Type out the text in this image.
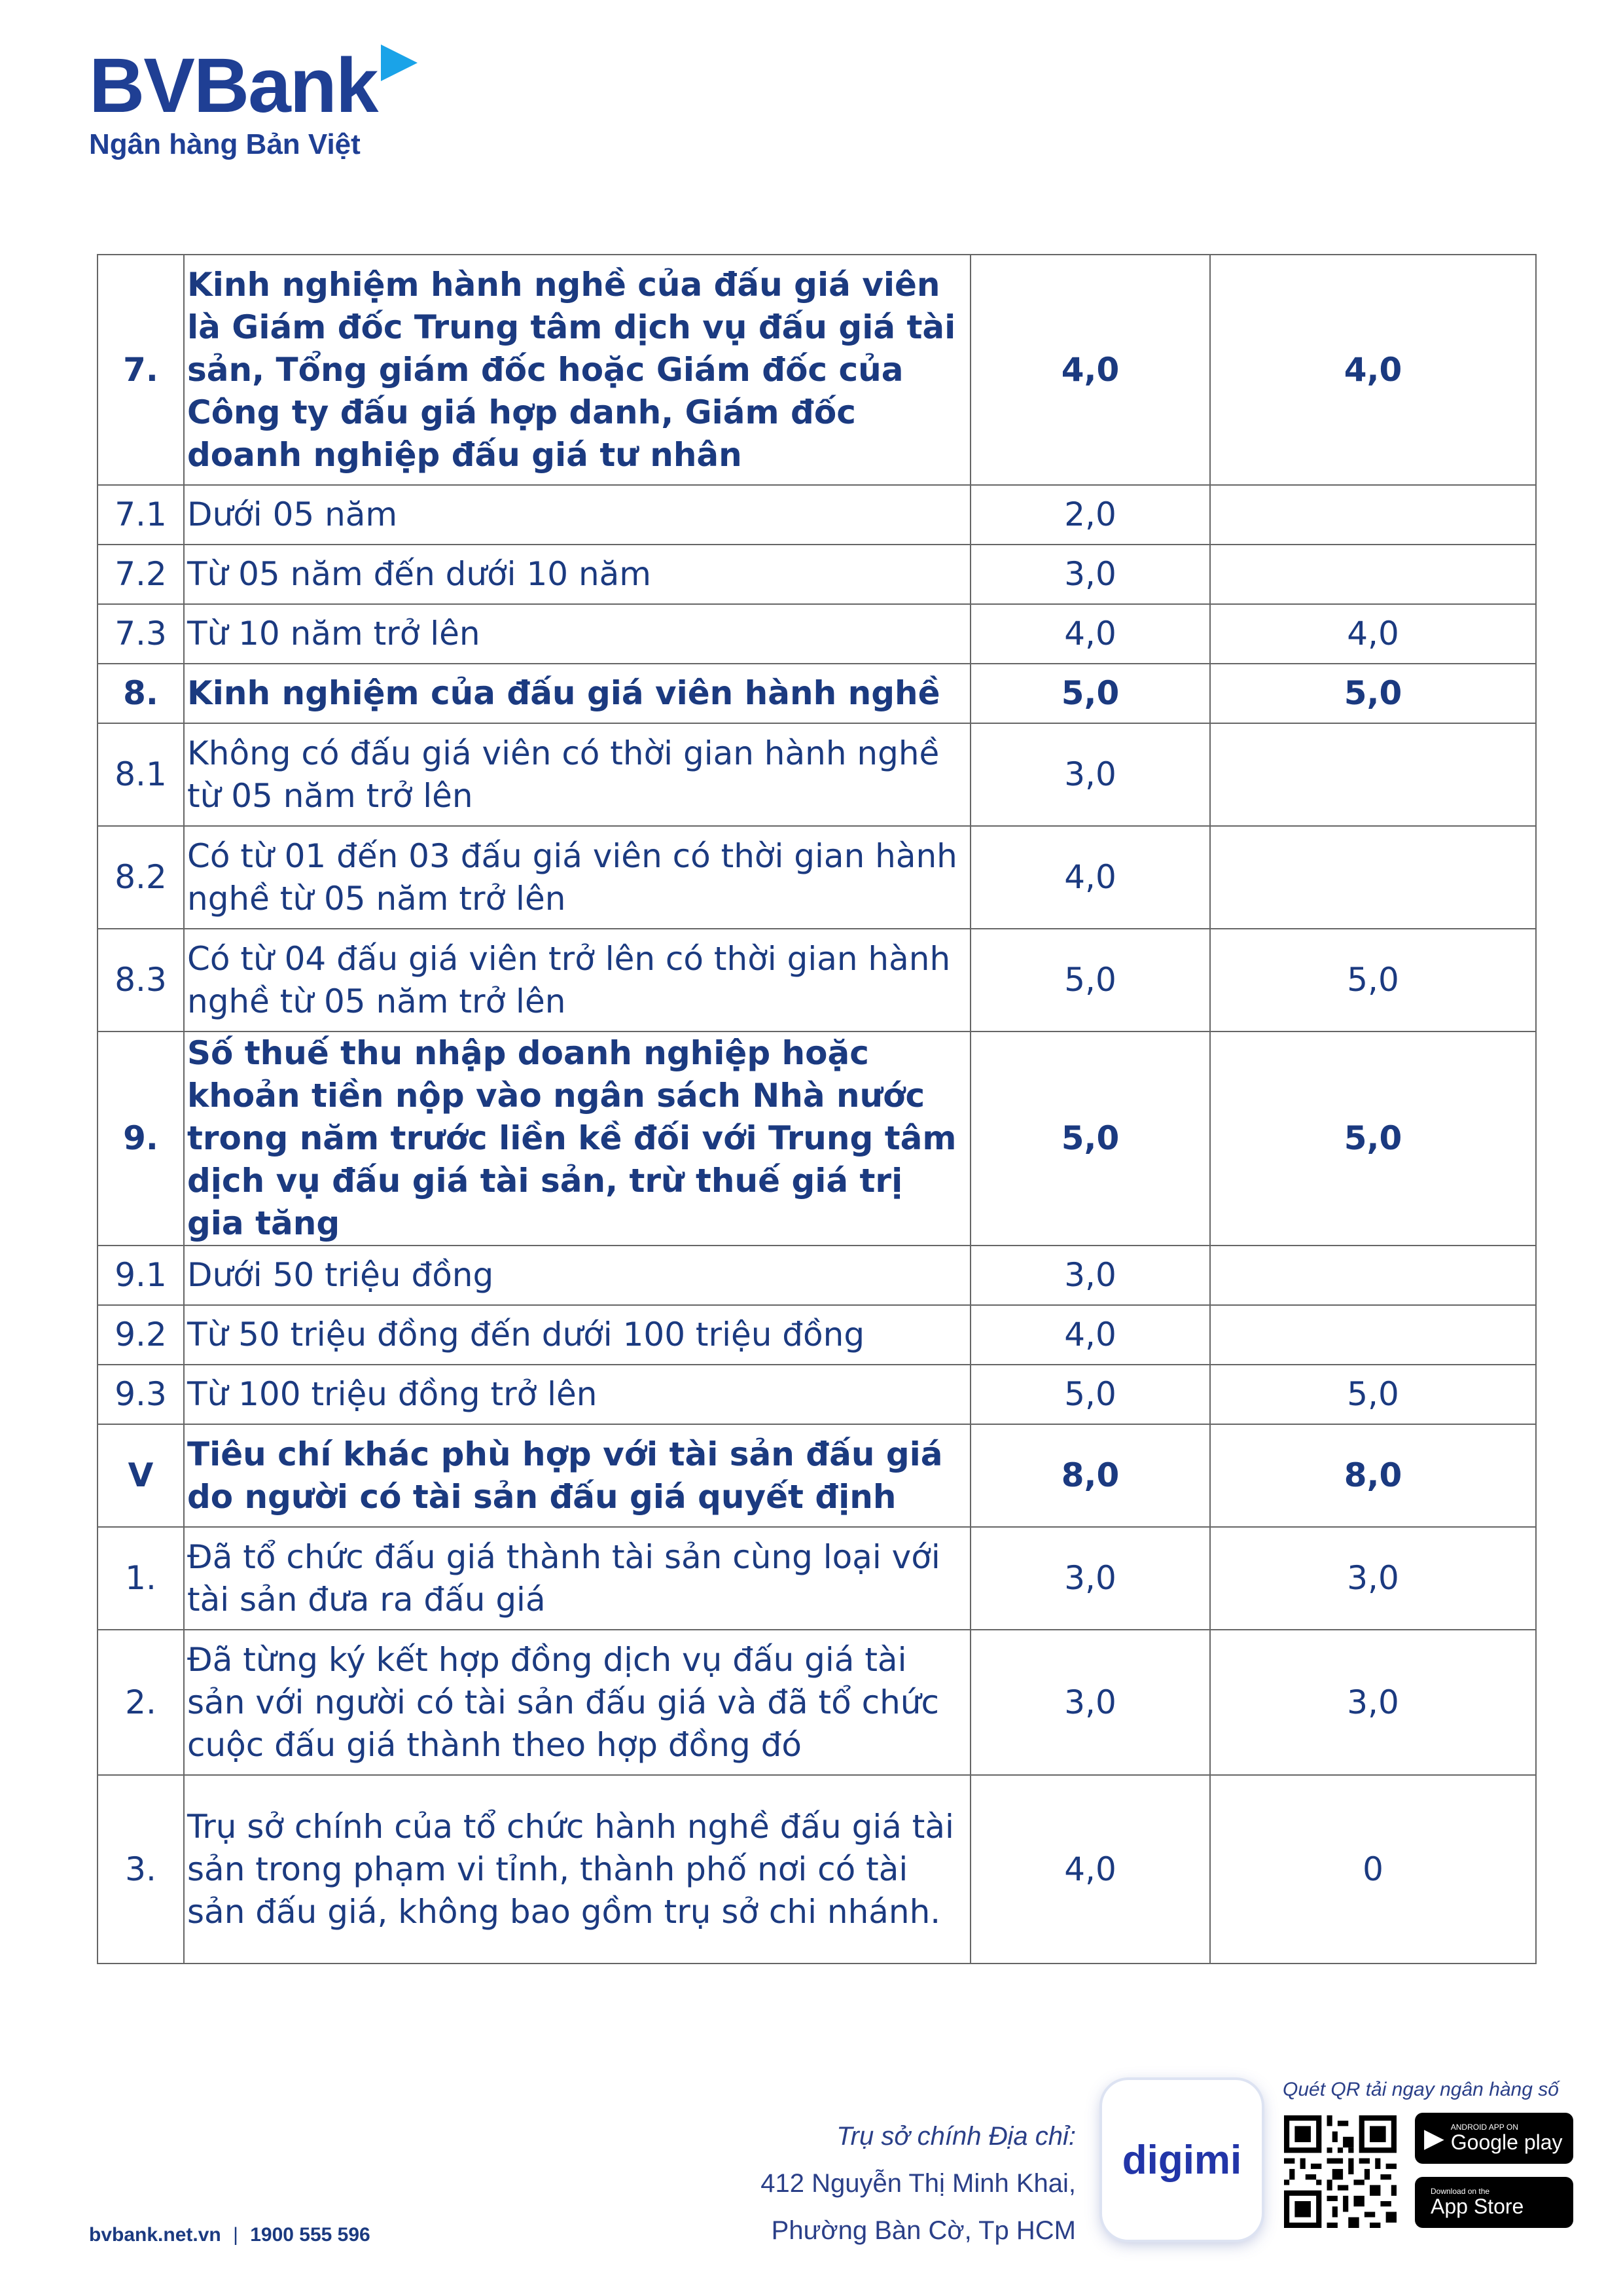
BVBank
Ngân hàng Bản Việt
7.	Kinh nghiệm hành nghề của đấu giá viên là Giám đốc Trung tâm dịch vụ đấu giá tài sản, Tổng giám đốc hoặc Giám đốc của Công ty đấu giá hợp danh, Giám đốc doanh nghiệp đấu giá tư nhân	4,0	4,0
7.1	Dưới 05 năm	2,0	
7.2	Từ 05 năm đến dưới 10 năm	3,0	
7.3	Từ 10 năm trở lên	4,0	4,0
8.	Kinh nghiệm của đấu giá viên hành nghề	5,0	5,0
8.1	Không có đấu giá viên có thời gian hành nghề từ 05 năm trở lên	3,0	
8.2	Có từ 01 đến 03 đấu giá viên có thời gian hành nghề từ 05 năm trở lên	4,0	
8.3	Có từ 04 đấu giá viên trở lên có thời gian hành nghề từ 05 năm trở lên	5,0	5,0
9.	Số thuế thu nhập doanh nghiệp hoặc khoản tiền nộp vào ngân sách Nhà nước trong năm trước liền kề đối với Trung tâm dịch vụ đấu giá tài sản, trừ thuế giá trị gia tăng	5,0	5,0
9.1	Dưới 50 triệu đồng	3,0	
9.2	Từ 50 triệu đồng đến dưới 100 triệu đồng	4,0	
9.3	Từ 100 triệu đồng trở lên	5,0	5,0
V	Tiêu chí khác phù hợp với tài sản đấu giá do người có tài sản đấu giá quyết định	8,0	8,0
1.	Đã tổ chức đấu giá thành tài sản cùng loại với tài sản đưa ra đấu giá	3,0	3,0
2.	Đã từng ký kết hợp đồng dịch vụ đấu giá tài sản với người có tài sản đấu giá và đã tổ chức cuộc đấu giá thành theo hợp đồng đó	3,0	3,0
3.	Trụ sở chính của tổ chức hành nghề đấu giá tài sản trong phạm vi tỉnh, thành phố nơi có tài sản đấu giá, không bao gồm trụ sở chi nhánh.	4,0	0
Trụ sở chính Địa chỉ:
412 Nguyễn Thị Minh Khai,
Phường Bàn Cờ, Tp HCM
digimi
Quét QR tải ngay ngân hàng số
▶ ANDROID APP ON
Google play
Download on the
App Store
bvbank.net.vn | 1900 555 596
